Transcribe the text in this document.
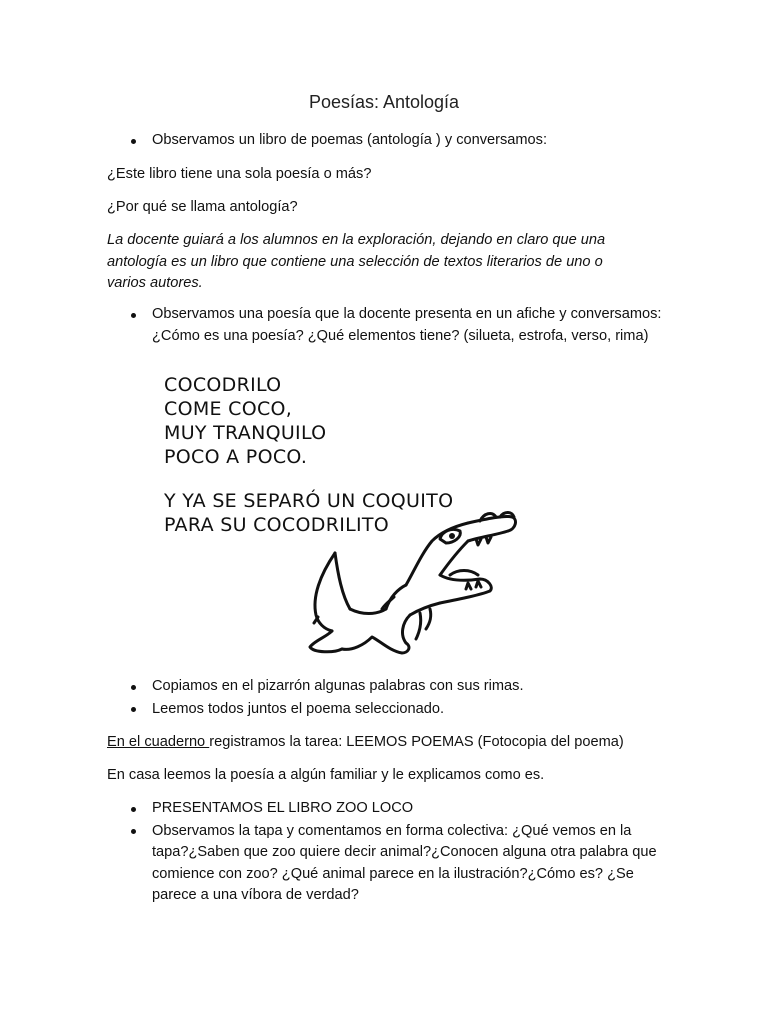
Poesías: Antología
Observamos un libro de poemas (antología ) y conversamos:

¿Este libro tiene una sola poesía o más?

¿Por qué se llama antología?

La docente guiará a los alumnos en la exploración, dejando en claro que una antología es un libro que contiene una selección de textos literarios de uno o varios autores.

Observamos una poesía que la docente presenta en un afiche y conversamos: ¿Cómo es una poesía? ¿Qué elementos tiene? (silueta, estrofa, verso, rima)
COCODRILO
COME COCO,
MUY TRANQUILO
POCO A POCO.
Y YA SE SEPARÓ UN COQUITO
PARA SU COCODRILITO
Copiamos en el pizarrón algunas palabras con sus rimas.
Leemos todos juntos el poema seleccionado.

En el cuaderno registramos la tarea: LEEMOS POEMAS (Fotocopia del poema)

En casa leemos la poesía a algún familiar y le explicamos como es.

PRESENTAMOS EL LIBRO ZOO LOCO
Observamos la tapa y comentamos en forma colectiva: ¿Qué vemos en la tapa?¿Saben que zoo quiere decir animal?¿Conocen alguna otra palabra que comience con zoo? ¿Qué animal parece en la ilustración?¿Cómo es? ¿Se parece a una víbora de verdad?
